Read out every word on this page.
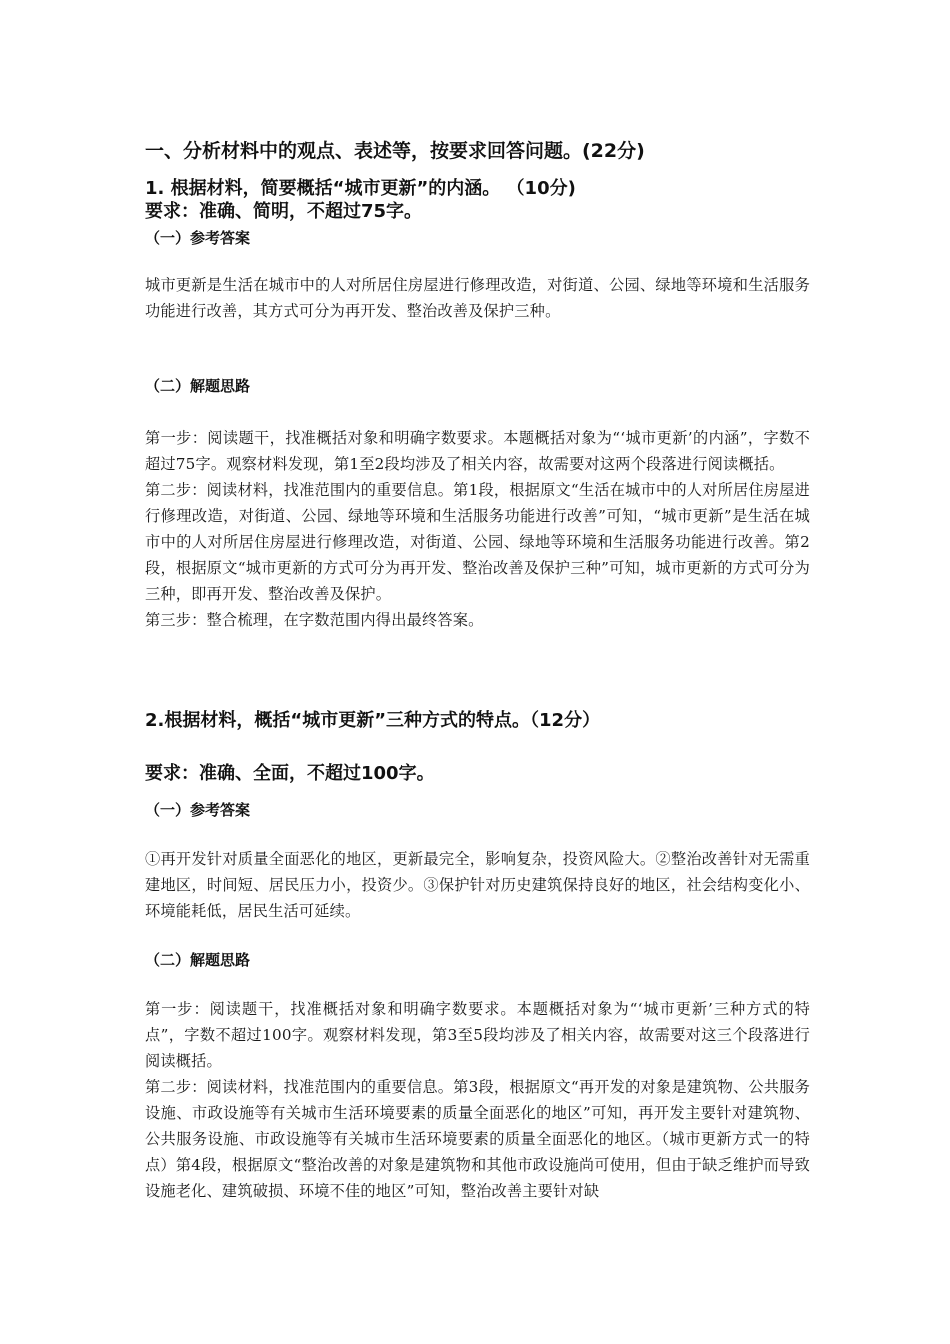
一、分析材料中的观点、表述等，按要求回答问题。(22分)
1. 根据材料，简要概括“城市更新”的内涵。 （10分)
要求：准确、简明，不超过75字。
（一）参考答案
城市更新是生活在城市中的人对所居住房屋进行修理改造，对街道、公园、绿地等环境和生活服务功能进行改善，其方式可分为再开发、整治改善及保护三种。
（二）解题思路

第一步：阅读题干，找准概括对象和明确字数要求。本题概括对象为“‘城市更新’的内涵”，字数不超过75字。观察材料发现，第1至2段均涉及了相关内容，故需要对这两个段落进行阅读概括。

第二步：阅读材料，找准范围内的重要信息。第1段，根据原文“生活在城市中的人对所居住房屋进行修理改造，对街道、公园、绿地等环境和生活服务功能进行改善”可知，“城市更新”是生活在城市中的人对所居住房屋进行修理改造，对街道、公园、绿地等环境和生活服务功能进行改善。第2段，根据原文“城市更新的方式可分为再开发、整治改善及保护三种”可知，城市更新的方式可分为三种，即再开发、整治改善及保护。

第三步：整合梳理，在字数范围内得出最终答案。

2.根据材料，概括“城市更新”三种方式的特点。（12分）
要求：准确、全面，不超过100字。
（一）参考答案
①再开发针对质量全面恶化的地区，更新最完全，影响复杂，投资风险大。②整治改善针对无需重建地区，时间短、居民压力小，投资少。③保护针对历史建筑保持良好的地区，社会结构变化小、环境能耗低，居民生活可延续。
（二）解题思路

第一步：阅读题干，找准概括对象和明确字数要求。本题概括对象为“‘城市更新’三种方式的特点”，字数不超过100字。观察材料发现，第3至5段均涉及了相关内容，故需要对这三个段落进行阅读概括。

第二步：阅读材料，找准范围内的重要信息。第3段，根据原文“再开发的对象是建筑物、公共服务设施、市政设施等有关城市生活环境要素的质量全面恶化的地区”可知，再开发主要针对建筑物、公共服务设施、市政设施等有关城市生活环境要素的质量全面恶化的地区。（城市更新方式一的特点）第4段，根据原文“整治改善的对象是建筑物和其他市政设施尚可使用，但由于缺乏维护而导致设施老化、建筑破损、环境不佳的地区”可知，整治改善主要针对缺
